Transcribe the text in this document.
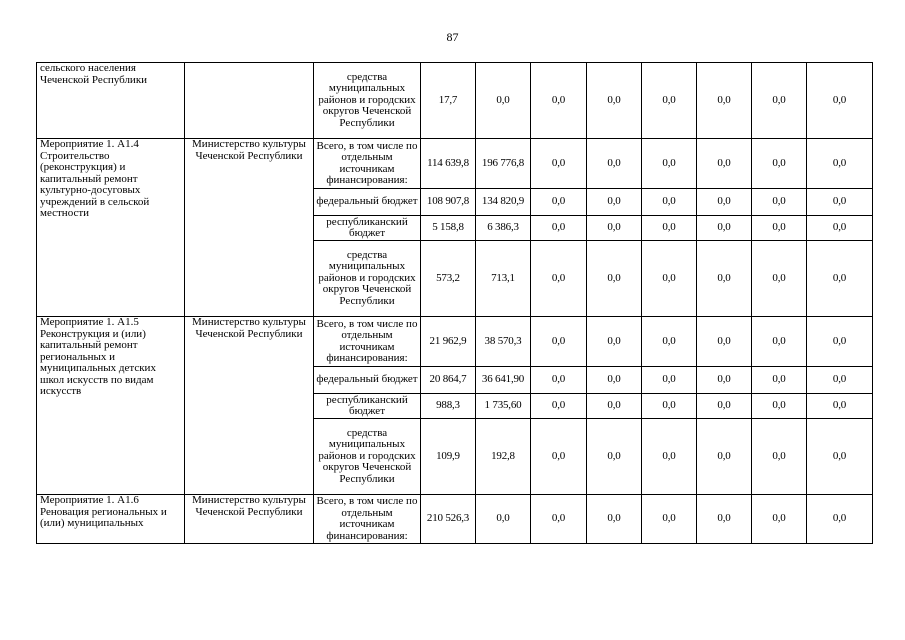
87
сельского населения Чеченской Республики		средства муниципальных районов и городских округов Чеченской Республики	17,7	0,0	0,0	0,0	0,0	0,0	0,0	0,0
Мероприятие 1. А1.4 Строительство (реконструкция) и капитальный ремонт культурно-досуговых учреждений в сельской местности	Министерство культуры Чеченской Республики	Всего, в том числе по отдельным источникам финансирования:	114 639,8	196 776,8	0,0	0,0	0,0	0,0	0,0	0,0
		федеральный бюджет	108 907,8	134 820,9	0,0	0,0	0,0	0,0	0,0	0,0
		республиканский бюджет	5 158,8	6 386,3	0,0	0,0	0,0	0,0	0,0	0,0
		средства муниципальных районов и городских округов Чеченской Республики	573,2	713,1	0,0	0,0	0,0	0,0	0,0	0,0
Мероприятие 1. А1.5 Реконструкция и (или) капитальный ремонт региональных и муниципальных детских школ искусств по видам искусств	Министерство культуры Чеченской Республики	Всего, в том числе по отдельным источникам финансирования:	21 962,9	38 570,3	0,0	0,0	0,0	0,0	0,0	0,0
		федеральный бюджет	20 864,7	36 641,90	0,0	0,0	0,0	0,0	0,0	0,0
		республиканский бюджет	988,3	1 735,60	0,0	0,0	0,0	0,0	0,0	0,0
		средства муниципальных районов и городских округов Чеченской Республики	109,9	192,8	0,0	0,0	0,0	0,0	0,0	0,0
Мероприятие 1. А1.6 Реновация региональных и (или) муниципальных	Министерство культуры Чеченской Республики	Всего, в том числе по отдельным источникам финансирования:	210 526,3	0,0	0,0	0,0	0,0	0,0	0,0	0,0
